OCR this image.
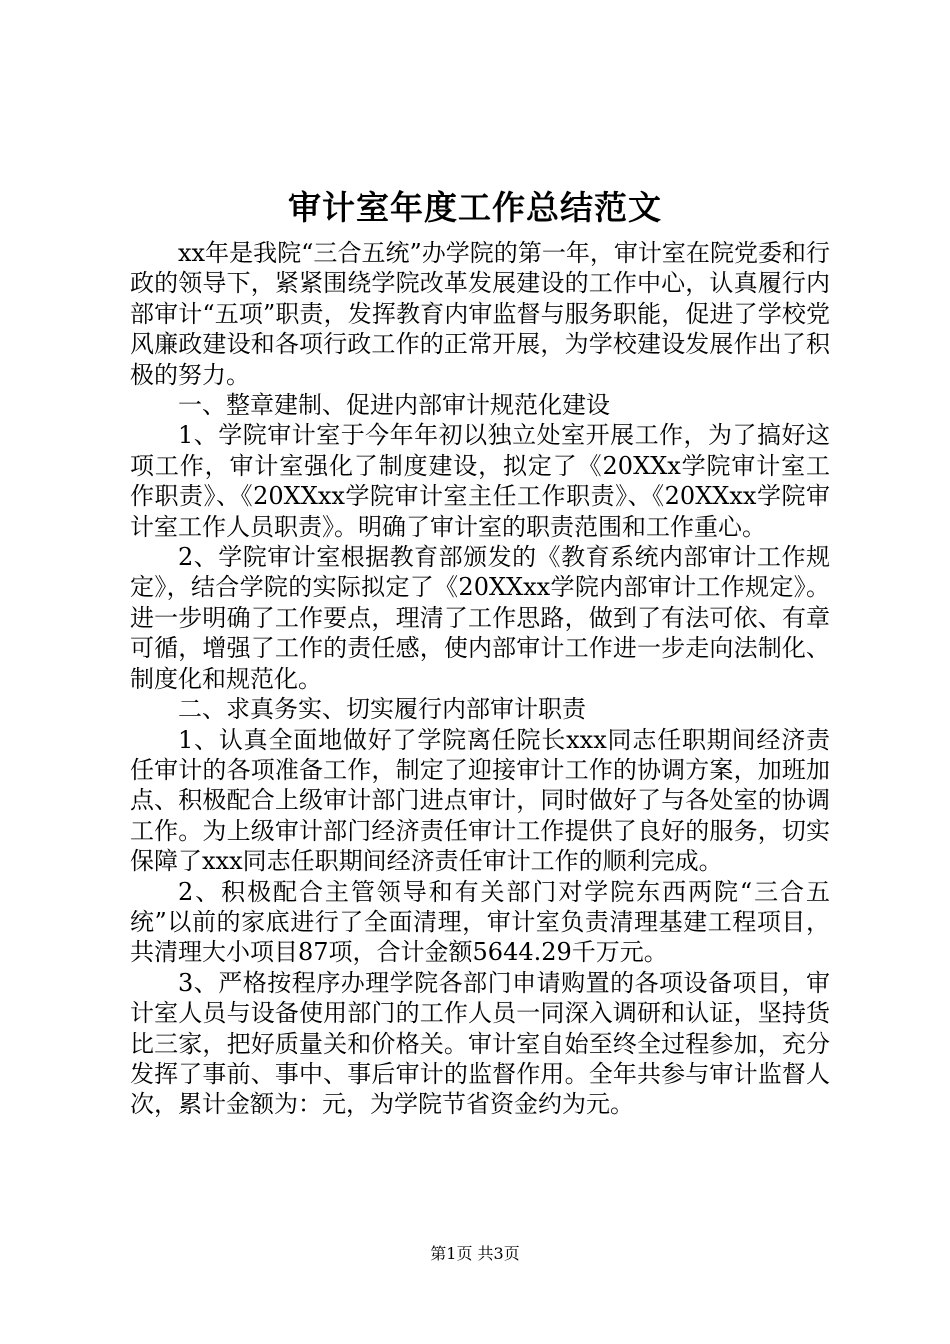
审计室年度工作总结范文

xx年是我院“三合五统”办学院的第一年，审计室在院党委和行政的领导下，紧紧围绕学院改革发展建设的工作中心，认真履行内部审计“五项”职责，发挥教育内审监督与服务职能，促进了学校党风廉政建设和各项行政工作的正常开展，为学校建设发展作出了积极的努力。

一、整章建制、促进内部审计规范化建设

1、学院审计室于今年年初以独立处室开展工作，为了搞好这项工作，审计室强化了制度建设，拟定了《20XXx学院审计室工作职责》、《20XXxx学院审计室主任工作职责》、《20XXxx学院审计室工作人员职责》。明确了审计室的职责范围和工作重心。

2、学院审计室根据教育部颁发的《教育系统内部审计工作规定》，结合学院的实际拟定了《20XXxx学院内部审计工作规定》。进一步明确了工作要点，理清了工作思路，做到了有法可依、有章可循，增强了工作的责任感，使内部审计工作进一步走向法制化、制度化和规范化。

二、求真务实、切实履行内部审计职责

1、认真全面地做好了学院离任院长xxx同志任职期间经济责任审计的各项准备工作，制定了迎接审计工作的协调方案，加班加点、积极配合上级审计部门进点审计，同时做好了与各处室的协调工作。为上级审计部门经济责任审计工作提供了良好的服务，切实保障了xxx同志任职期间经济责任审计工作的顺利完成。

2、积极配合主管领导和有关部门对学院东西两院“三合五统”以前的家底进行了全面清理，审计室负责清理基建工程项目，共清理大小项目87项，合计金额5644.29千万元。

3、严格按程序办理学院各部门申请购置的各项设备项目，审计室人员与设备使用部门的工作人员一同深入调研和认证，坚持货比三家，把好质量关和价格关。审计室自始至终全过程参加，充分发挥了事前、事中、事后审计的监督作用。全年共参与审计监督人次，累计金额为：元，为学院节省资金约为元。

第1页 共3页
